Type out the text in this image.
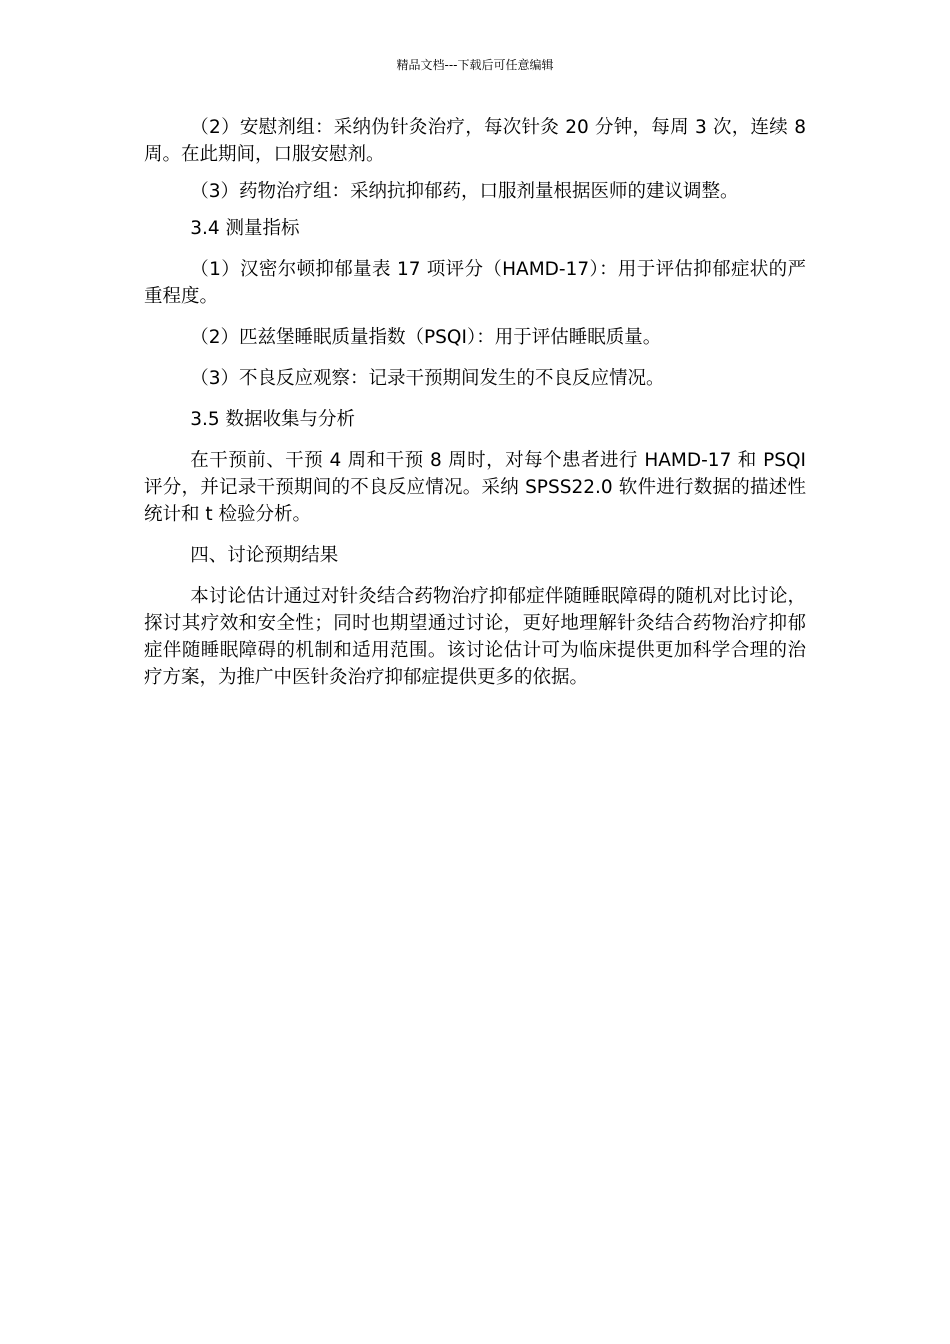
精品文档---下载后可任意编辑

（2）安慰剂组：采纳伪针灸治疗，每次针灸 20 分钟，每周 3 次，连续 8 周。在此期间，口服安慰剂。

（3）药物治疗组：采纳抗抑郁药，口服剂量根据医师的建议调整。

3.4 测量指标

（1）汉密尔顿抑郁量表 17 项评分（HAMD-17）：用于评估抑郁症状的严重程度。

（2）匹兹堡睡眠质量指数（PSQI）：用于评估睡眠质量。

（3）不良反应观察：记录干预期间发生的不良反应情况。

3.5 数据收集与分析

在干预前、干预 4 周和干预 8 周时，对每个患者进行 HAMD-17 和 PSQI 评分，并记录干预期间的不良反应情况。采纳 SPSS22.0 软件进行数据的描述性统计和 t 检验分析。

四、讨论预期结果

本讨论估计通过对针灸结合药物治疗抑郁症伴随睡眠障碍的随机对比讨论，探讨其疗效和安全性；同时也期望通过讨论，更好地理解针灸结合药物治疗抑郁症伴随睡眠障碍的机制和适用范围。该讨论估计可为临床提供更加科学合理的治疗方案，为推广中医针灸治疗抑郁症提供更多的依据。
